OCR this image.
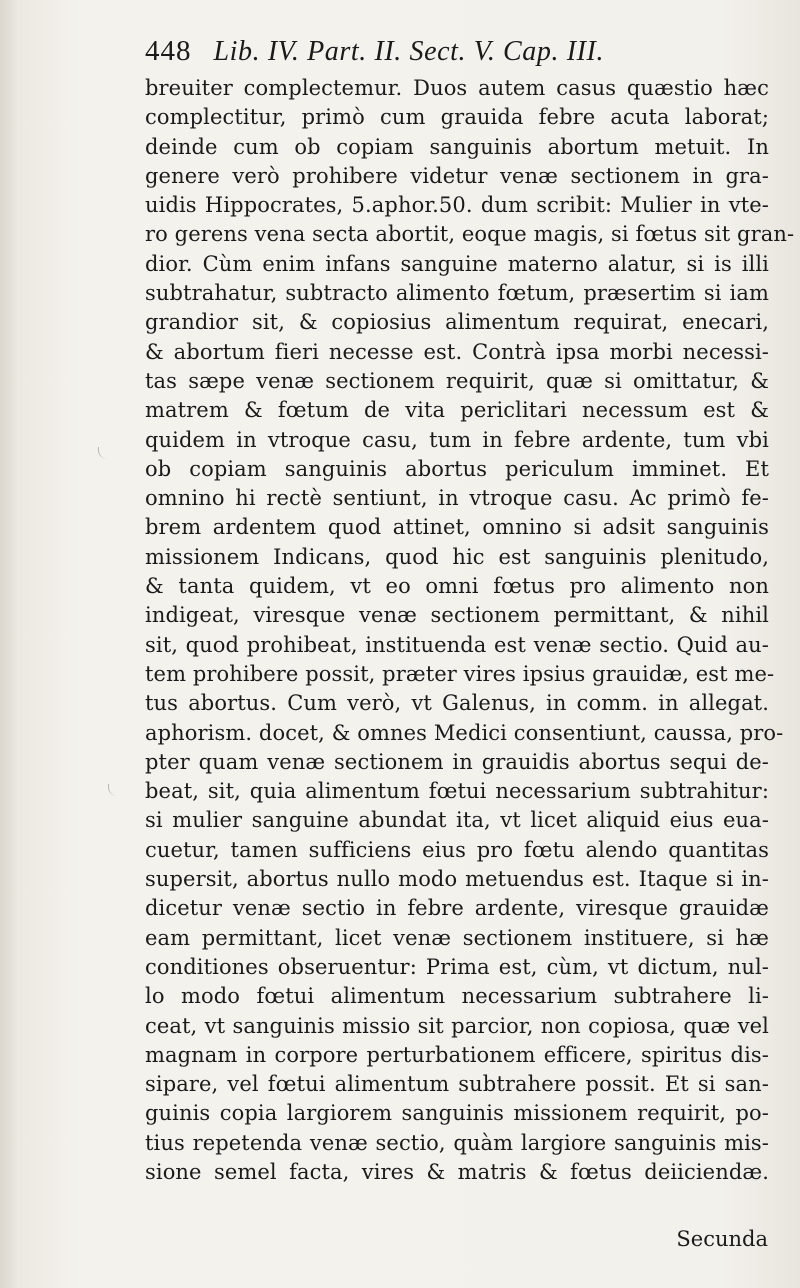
448 Lib. IV. Part. II. Sect. V. Cap. III.
breuiter complectemur. Duos autem casus quæstio hæc
complectitur, primò cum grauida febre acuta laborat;
deinde cum ob copiam sanguinis abortum metuit. In
genere verò prohibere videtur venæ sectionem in gra-
uidis Hippocrates, 5.aphor.50. dum scribit: Mulier in vte-
ro gerens vena secta abortit, eoque magis, si fœtus sit gran-
dior. Cùm enim infans sanguine materno alatur, si is illi
subtrahatur, subtracto alimento fœtum, præsertim si iam
grandior sit, & copiosius alimentum requirat, enecari,
& abortum fieri necesse est. Contrà ipsa morbi necessi-
tas sæpe venæ sectionem requirit, quæ si omittatur, &
matrem & fœtum de vita periclitari necessum est &
quidem in vtroque casu, tum in febre ardente, tum vbi
ob copiam sanguinis abortus periculum imminet. Et
omnino hi rectè sentiunt, in vtroque casu. Ac primò fe-
brem ardentem quod attinet, omnino si adsit sanguinis
missionem Indicans, quod hic est sanguinis plenitudo,
& tanta quidem, vt eo omni fœtus pro alimento non
indigeat, viresque venæ sectionem permittant, & nihil
sit, quod prohibeat, instituenda est venæ sectio. Quid au-
tem prohibere possit, præter vires ipsius grauidæ, est me-
tus abortus. Cum verò, vt Galenus, in comm. in allegat.
aphorism. docet, & omnes Medici consentiunt, caussa, pro-
pter quam venæ sectionem in grauidis abortus sequi de-
beat, sit, quia alimentum fœtui necessarium subtrahitur:
si mulier sanguine abundat ita, vt licet aliquid eius eua-
cuetur, tamen sufficiens eius pro fœtu alendo quantitas
supersit, abortus nullo modo metuendus est. Itaque si in-
dicetur venæ sectio in febre ardente, viresque grauidæ
eam permittant, licet venæ sectionem instituere, si hæ
conditiones obseruentur: Prima est, cùm, vt dictum, nul-
lo modo fœtui alimentum necessarium subtrahere li-
ceat, vt sanguinis missio sit parcior, non copiosa, quæ vel
magnam in corpore perturbationem efficere, spiritus dis-
sipare, vel fœtui alimentum subtrahere possit. Et si san-
guinis copia largiorem sanguinis missionem requirit, po-
tius repetenda venæ sectio, quàm largiore sanguinis mis-
sione semel facta, vires & matris & fœtus deiiciendæ.
Secunda
